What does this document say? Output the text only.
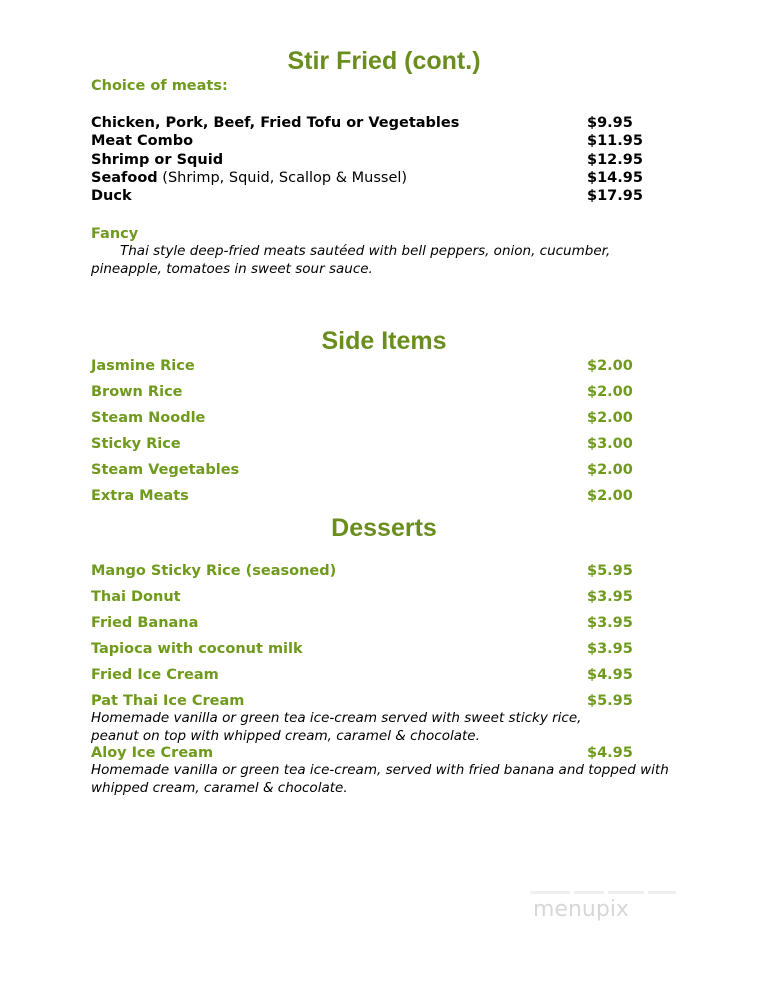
Stir Fried (cont.)
Choice of meats:
Chicken, Pork, Beef, Fried Tofu or Vegetables	$9.95
Meat Combo	$11.95
Shrimp or Squid	$12.95
Seafood (Shrimp, Squid, Scallop & Mussel)	$14.95
Duck	$17.95
Fancy
Thai style deep-fried meats sautéed with bell peppers, onion, cucumber,
pineapple, tomatoes in sweet sour sauce.
Side Items
Jasmine Rice	$2.00
Brown Rice	$2.00
Steam Noodle	$2.00
Sticky Rice	$3.00
Steam Vegetables	$2.00
Extra Meats	$2.00
Desserts
Mango Sticky Rice (seasoned)	$5.95
Thai Donut	$3.95
Fried Banana	$3.95
Tapioca with coconut milk	$3.95
Fried Ice Cream	$4.95
Pat Thai Ice Cream	$5.95
Homemade vanilla or green tea ice-cream served with sweet sticky rice,
peanut on top with whipped cream, caramel & chocolate.
Aloy Ice Cream	$4.95
Homemade vanilla or green tea ice-cream, served with fried banana and topped with
whipped cream, caramel & chocolate.
menupix
